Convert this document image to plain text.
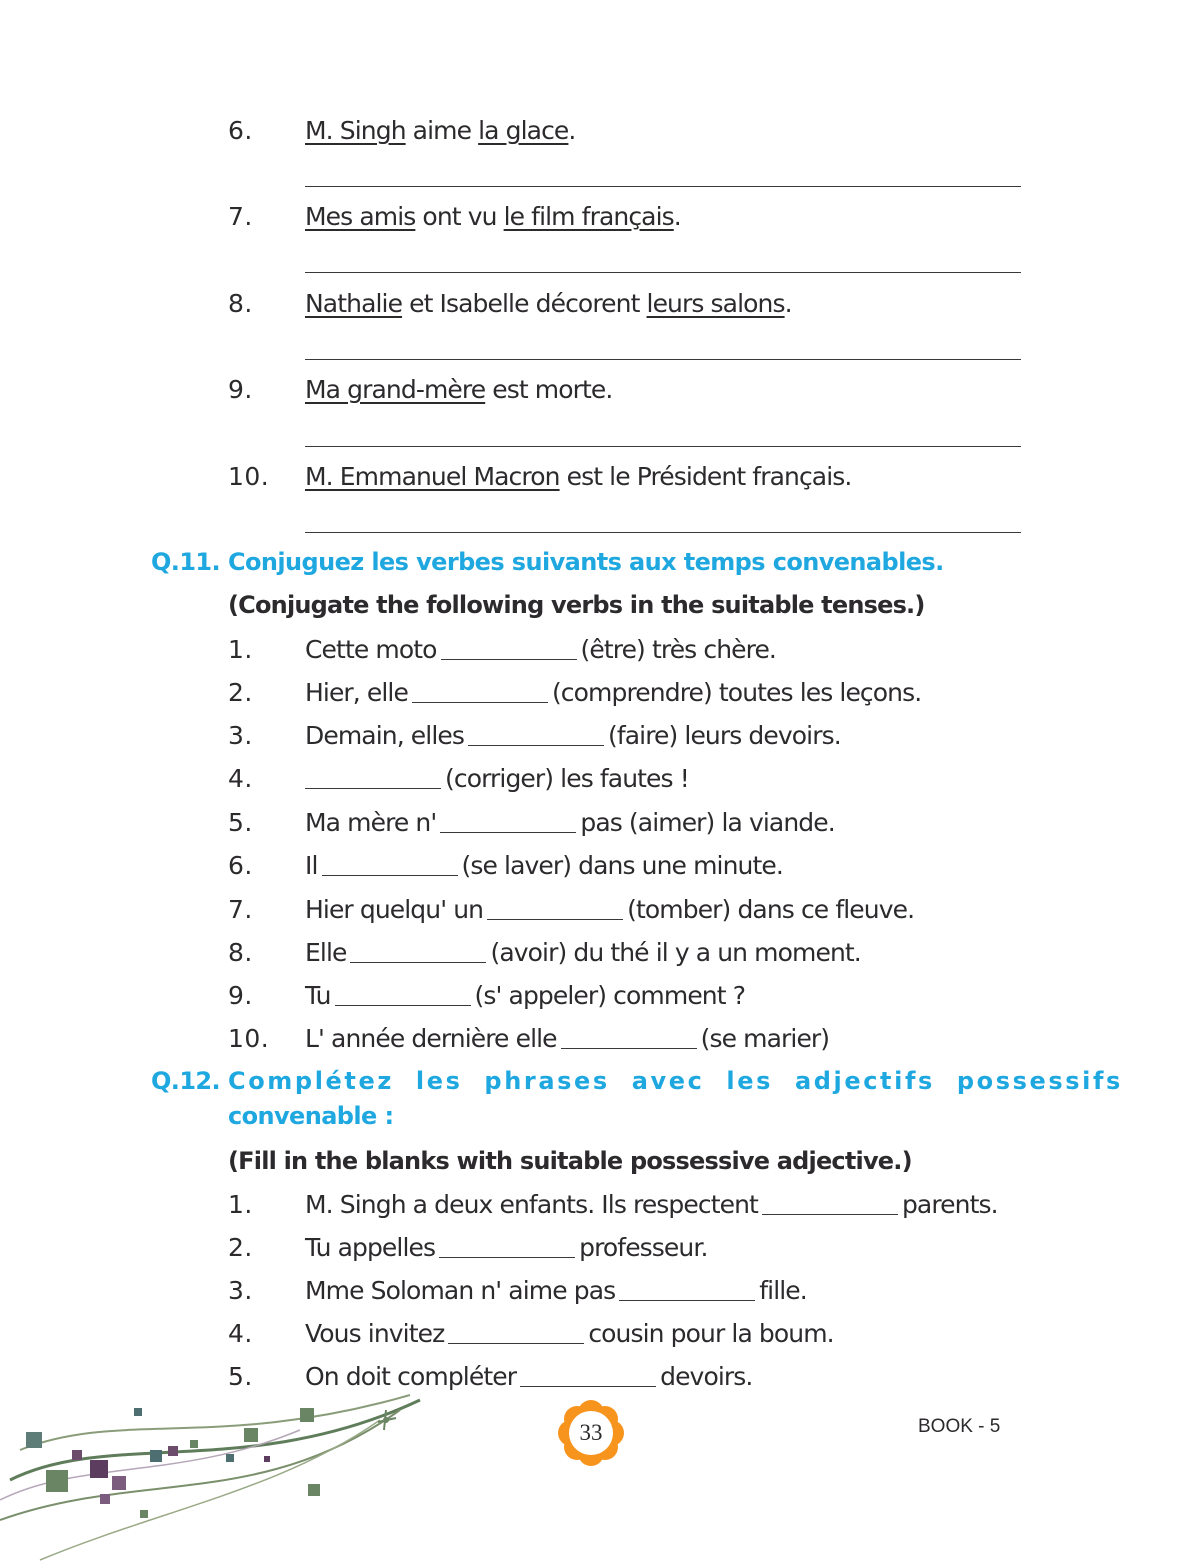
6. M. Singh aime la glace.
7. Mes amis ont vu le film français.
8. Nathalie et Isabelle décorent leurs salons.
9. Ma grand-mère est morte.
10. M. Emmanuel Macron est le Président français.
Q.11. Conjuguez les verbes suivants aux temps convenables.
(Conjugate the following verbs in the suitable tenses.)
1. Cette moto	(être) très chère.
2. Hier, elle	(comprendre) toutes les leçons.
3. Demain, elles	(faire) leurs devoirs.
4.	(corriger) les fautes !
5. Ma mère n'	pas (aimer) la viande.
6. Il	(se laver) dans une minute.
7. Hier quelqu' un	(tomber) dans ce fleuve.
8. Elle	(avoir) du thé il y a un moment.
9. Tu	(s' appeler) comment ?
10. L' année dernière elle	(se marier)
Q.12. Complétez les phrases avec les adjectifs possessifs
convenable :
(Fill in the blanks with suitable possessive adjective.)
1. M. Singh a deux enfants. Ils respectent	parents.
2. Tu appelles	professeur.
3. Mme Soloman n' aime pas	fille.
4. Vous invitez	cousin pour la boum.
5. On doit compléter	devoirs.
33	BOOK - 5
